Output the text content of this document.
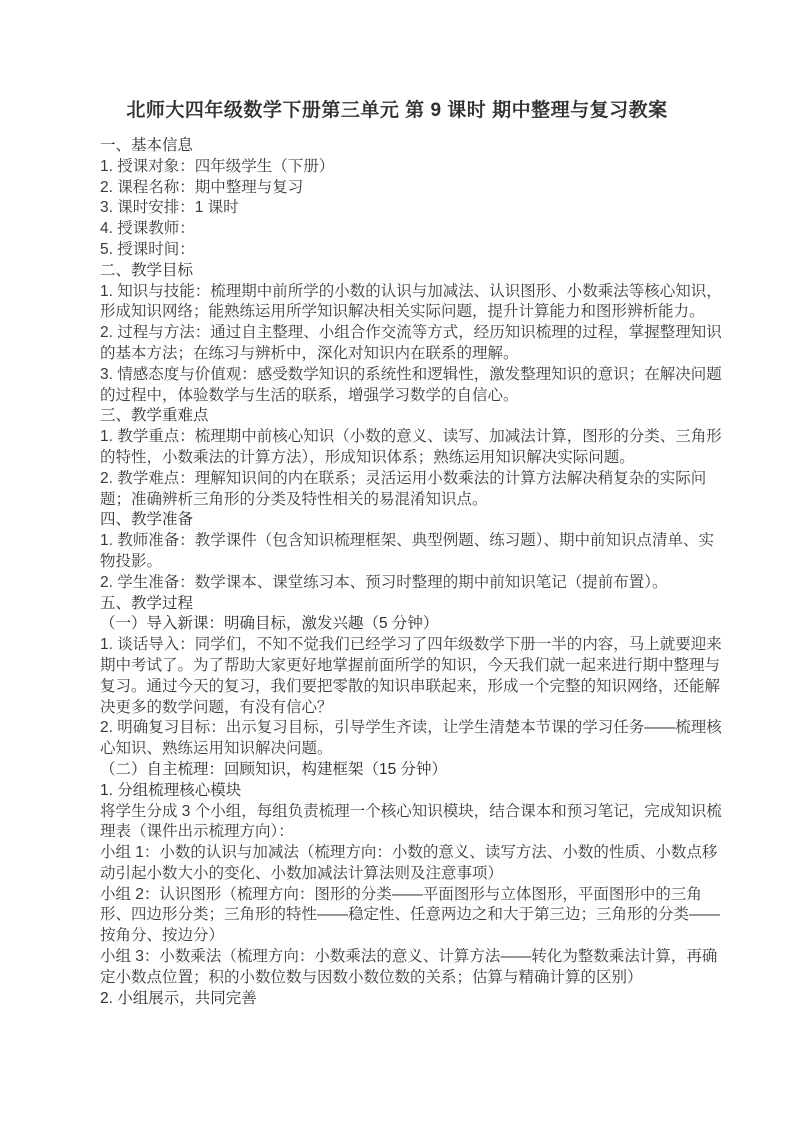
北师大四年级数学下册第三单元 第 9 课时 期中整理与复习教案
一、基本信息

1. 授课对象：四年级学生（下册）

2. 课程名称：期中整理与复习

3. 课时安排：1 课时

4. 授课教师：

5. 授课时间：

二、教学目标

1. 知识与技能：梳理期中前所学的小数的认识与加减法、认识图形、小数乘法等核心知识，形成知识网络；能熟练运用所学知识解决相关实际问题，提升计算能力和图形辨析能力。

2. 过程与方法：通过自主整理、小组合作交流等方式，经历知识梳理的过程，掌握整理知识的基本方法；在练习与辨析中，深化对知识内在联系的理解。

3. 情感态度与价值观：感受数学知识的系统性和逻辑性，激发整理知识的意识；在解决问题的过程中，体验数学与生活的联系，增强学习数学的自信心。

三、教学重难点

1. 教学重点：梳理期中前核心知识（小数的意义、读写、加减法计算，图形的分类、三角形的特性，小数乘法的计算方法），形成知识体系；熟练运用知识解决实际问题。

2. 教学难点：理解知识间的内在联系；灵活运用小数乘法的计算方法解决稍复杂的实际问题；准确辨析三角形的分类及特性相关的易混淆知识点。

四、教学准备

1. 教师准备：教学课件（包含知识梳理框架、典型例题、练习题）、期中前知识点清单、实物投影。

2. 学生准备：数学课本、课堂练习本、预习时整理的期中前知识笔记（提前布置）。

五、教学过程
（一）导入新课：明确目标，激发兴趣（5 分钟）

1. 谈话导入：同学们，不知不觉我们已经学习了四年级数学下册一半的内容，马上就要迎来期中考试了。为了帮助大家更好地掌握前面所学的知识，今天我们就一起来进行期中整理与复习。通过今天的复习，我们要把零散的知识串联起来，形成一个完整的知识网络，还能解决更多的数学问题，有没有信心？

2. 明确复习目标：出示复习目标，引导学生齐读，让学生清楚本节课的学习任务——梳理核心知识、熟练运用知识解决问题。

（二）自主梳理：回顾知识，构建框架（15 分钟）
1. 分组梳理核心模块

将学生分成 3 个小组，每组负责梳理一个核心知识模块，结合课本和预习笔记，完成知识梳理表（课件出示梳理方向）：

小组 1：小数的认识与加减法（梳理方向：小数的意义、读写方法、小数的性质、小数点移动引起小数大小的变化、小数加减法计算法则及注意事项）

小组 2：认识图形（梳理方向：图形的分类——平面图形与立体图形，平面图形中的三角形、四边形分类；三角形的特性——稳定性、任意两边之和大于第三边；三角形的分类——按角分、按边分）

小组 3：小数乘法（梳理方向：小数乘法的意义、计算方法——转化为整数乘法计算，再确定小数点位置；积的小数位数与因数小数位数的关系；估算与精确计算的区别）

2. 小组展示，共同完善
